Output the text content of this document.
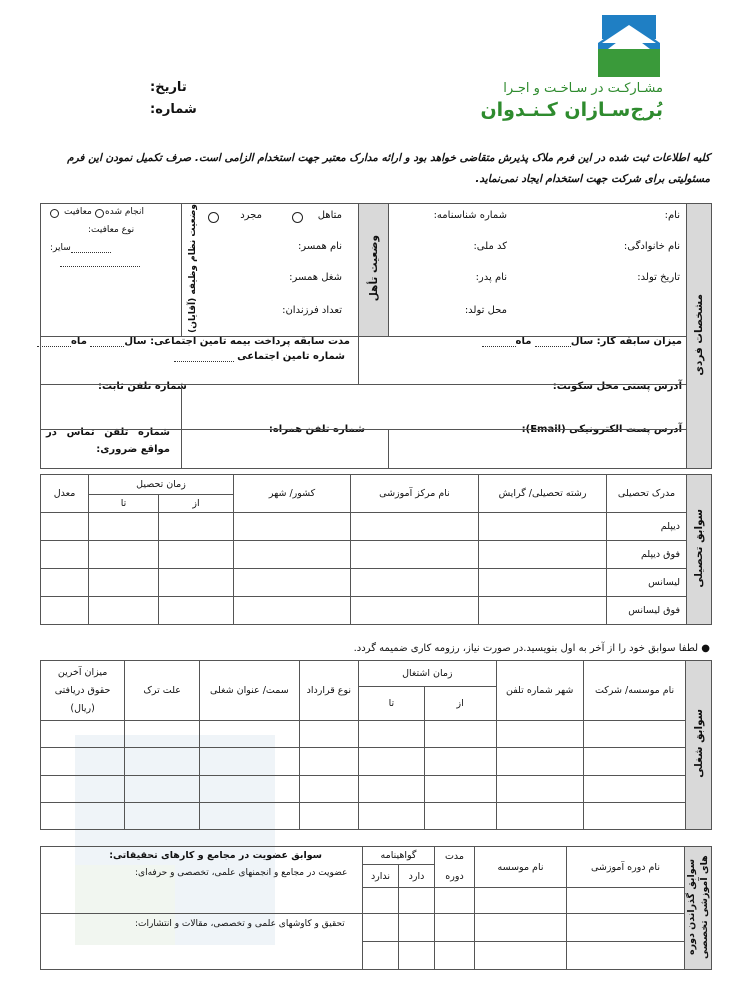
مشـارکـت در سـاخـت و اجـرا
بُرج‌سـازان کـنـدوان
تاریخ:
شماره:
کلیه اطلاعات ثبت شده در این فرم ملاک پذیرش متقاضی خواهد بود و ارائه مدارک معتبر جهت استخدام الزامی است. صرف تکمیل نمودن این فرم مسئولیتی برای شرکت جهت استخدام ایجاد نمی‌نماید.
مشخصات فردی			وضعیت تأهل		وضعیت نظام وظیفه (آقایان)	

			نام:
نام خانوادگی:
تاریخ تولد:
شماره شناسنامه:
کد ملی:
نام پدر:
محل تولد:
متاهل
مجرد
نام همسر:
شغل همسر:
تعداد فرزندان:
انجام شده
معافیت
نوع معافیت:
سایر:
میزان سابقه کار: سال ماه
مدت سابقه پرداخت بیمه تامین اجتماعی: سال ماه
شماره تامین اجتماعی
آدرس پستی محل سکونت:
شماره تلفن ثابت:
آدرس پست الکترونیکی (Email):
شماره تلفن همراه:
شماره تلفن تماس در مواقع ضروری:
سوابق تحصیلی	مدرک تحصیلی	رشته تحصیلی/ گرایش	نام مرکز آموزشی	کشور/ شهر	زمان تحصیل		معدل
					از	تا	
	دیپلم						
	فوق دیپلم						
	لیسانس						
	فوق لیسانس						
● لطفا سوابق خود را از آخر به اول بنویسید.در صورت نیاز، رزومه کاری ضمیمه گردد.
سوابق شغلی	نام موسسه/ شرکت	شهر شماره تلفن	زمان اشتغال		نوع قرارداد	سمت/ عنوان شغلی	علت ترک	میزان آخرین حقوق دریافتی (ریال)
			از	تا				

سوابق گذراندن دوره های آموزشی تخصصی	نام دوره آموزشی	نام موسسه	مدت دوره	گواهینامه		سوابق عضویت در مجامع و کارهای تحقیقاتی:
				دارد	ندارد	

عضویت در مجامع و انجمنهای علمی، تخصصی و حرفه‌ای:
تحقیق و کاوشهای علمی و تخصصی، مقالات و انتشارات:
